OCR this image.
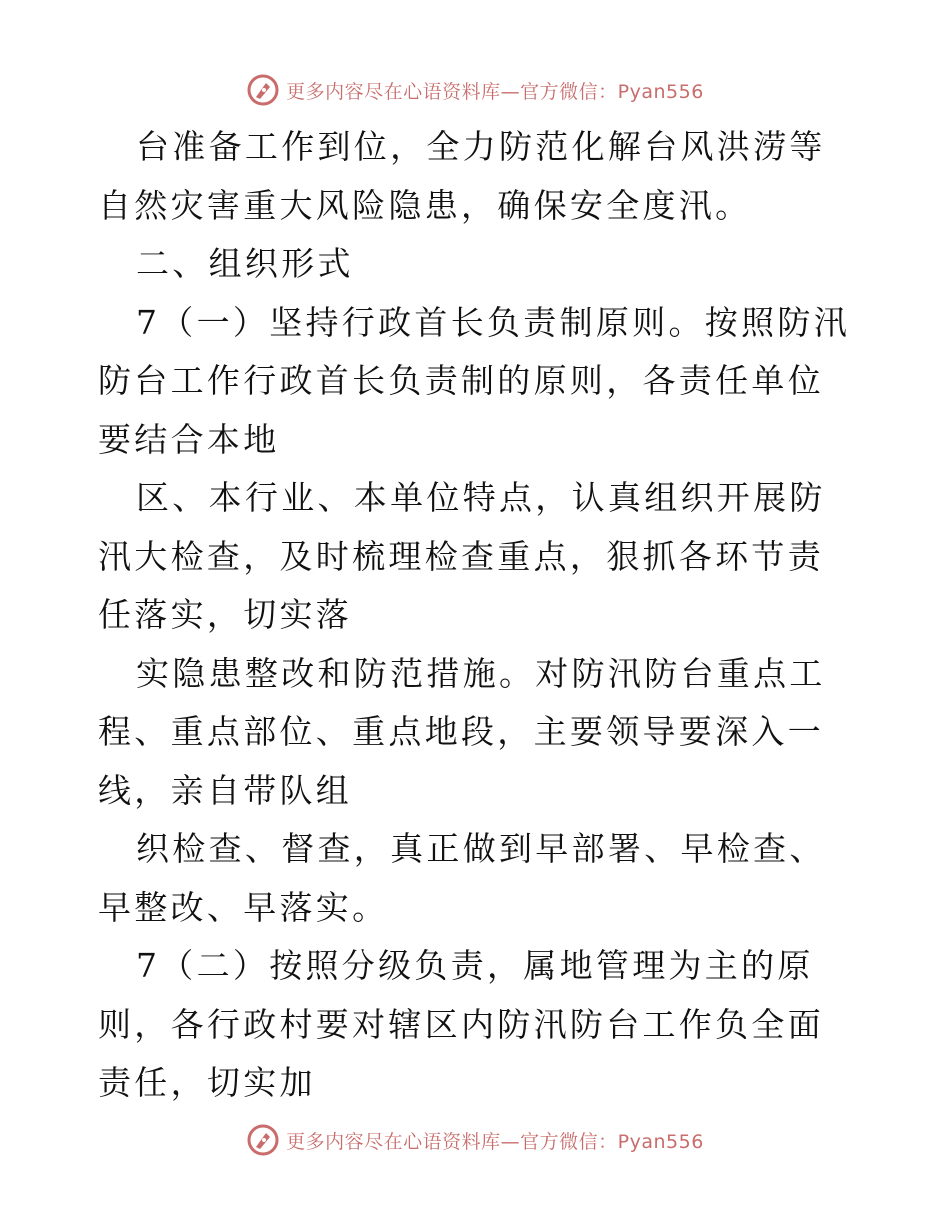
更多内容尽在心语资料库—官方微信：Pyan556

台准备工作到位，全力防范化解台风洪涝等自然灾害重大风险隐患，确保安全度汛。

二、组织形式

7（一）坚持行政首长负责制原则。按照防汛防台工作行政首长负责制的原则，各责任单位要结合本地

区、本行业、本单位特点，认真组织开展防汛大检查，及时梳理检查重点，狠抓各环节责任落实，切实落

实隐患整改和防范措施。对防汛防台重点工程、重点部位、重点地段，主要领导要深入一线，亲自带队组

织检查、督查，真正做到早部署、早检查、早整改、早落实。

7（二）按照分级负责，属地管理为主的原则，各行政村要对辖区内防汛防台工作负全面责任，切实加

更多内容尽在心语资料库—官方微信：Pyan556
